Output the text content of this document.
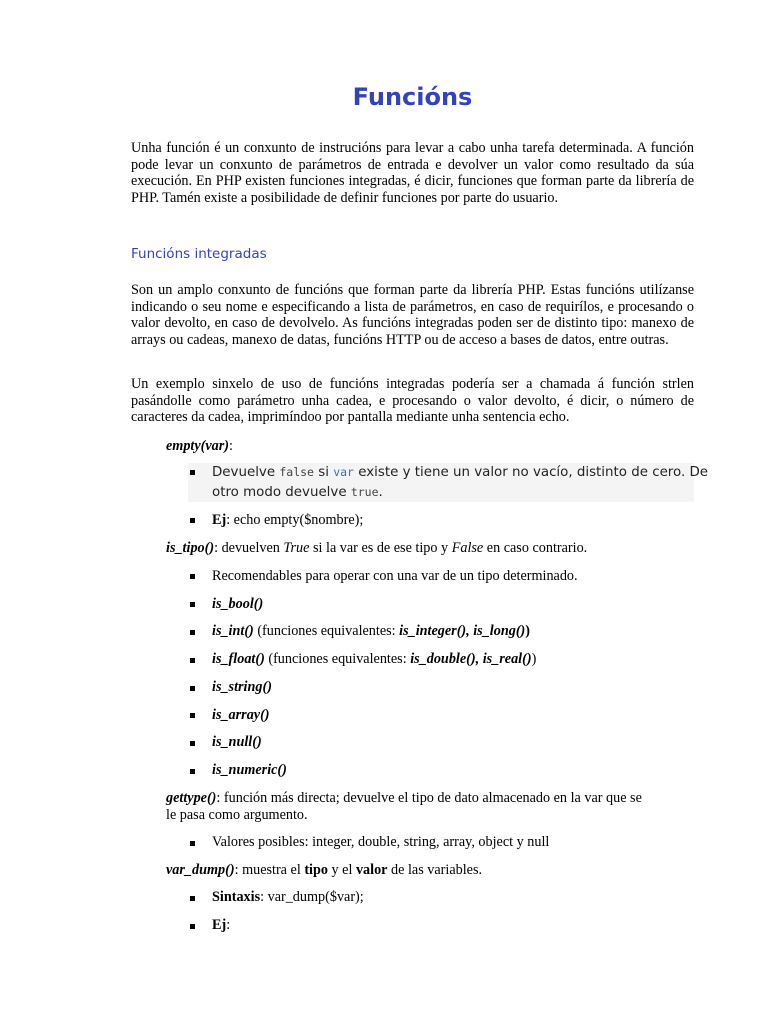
Funcións

Unha función é un conxunto de instrucións para levar a cabo unha tarefa determinada. A función pode levar un conxunto de parámetros de entrada e devolver un valor como resultado da súa execución. En PHP existen funciones integradas, é dicir, funciones que forman parte da librería de PHP. Tamén existe a posibilidade de definir funciones por parte do usuario.

Funcións integradas

Son un amplo conxunto de funcións que forman parte da librería PHP. Estas funcións utilízanse indicando o seu nome e especificando a lista de parámetros, en caso de requirílos, e procesando o valor devolto, en caso de devolvelo. As funcións integradas poden ser de distinto tipo: manexo de arrays ou cadeas, manexo de datas, funcións HTTP ou de acceso a bases de datos, entre outras.

Un exemplo sinxelo de uso de funcións integradas podería ser a chamada á función strlen pasándolle como parámetro unha cadea, e procesando o valor devolto, é dicir, o número de caracteres da cadea, imprimíndoo por pantalla mediante unha sentencia echo.

empty(var):
Devuelve false si var existe y tiene un valor no vacío, distinto de cero. De
otro modo devuelve true.
Ej: echo empty($nombre);
is_tipo(): devuelven True si la var es de ese tipo y False en caso contrario.
Recomendables para operar con una var de un tipo determinado.
is_bool()
is_int() (funciones equivalentes: is_integer(), is_long())
is_float() (funciones equivalentes: is_double(), is_real())
is_string()
is_array()
is_null()
is_numeric()
gettype(): función más directa; devuelve el tipo de dato almacenado en la var que se
le pasa como argumento.
Valores posibles: integer, double, string, array, object y null
var_dump(): muestra el tipo y el valor de las variables.
Sintaxis: var_dump($var);
Ej:
